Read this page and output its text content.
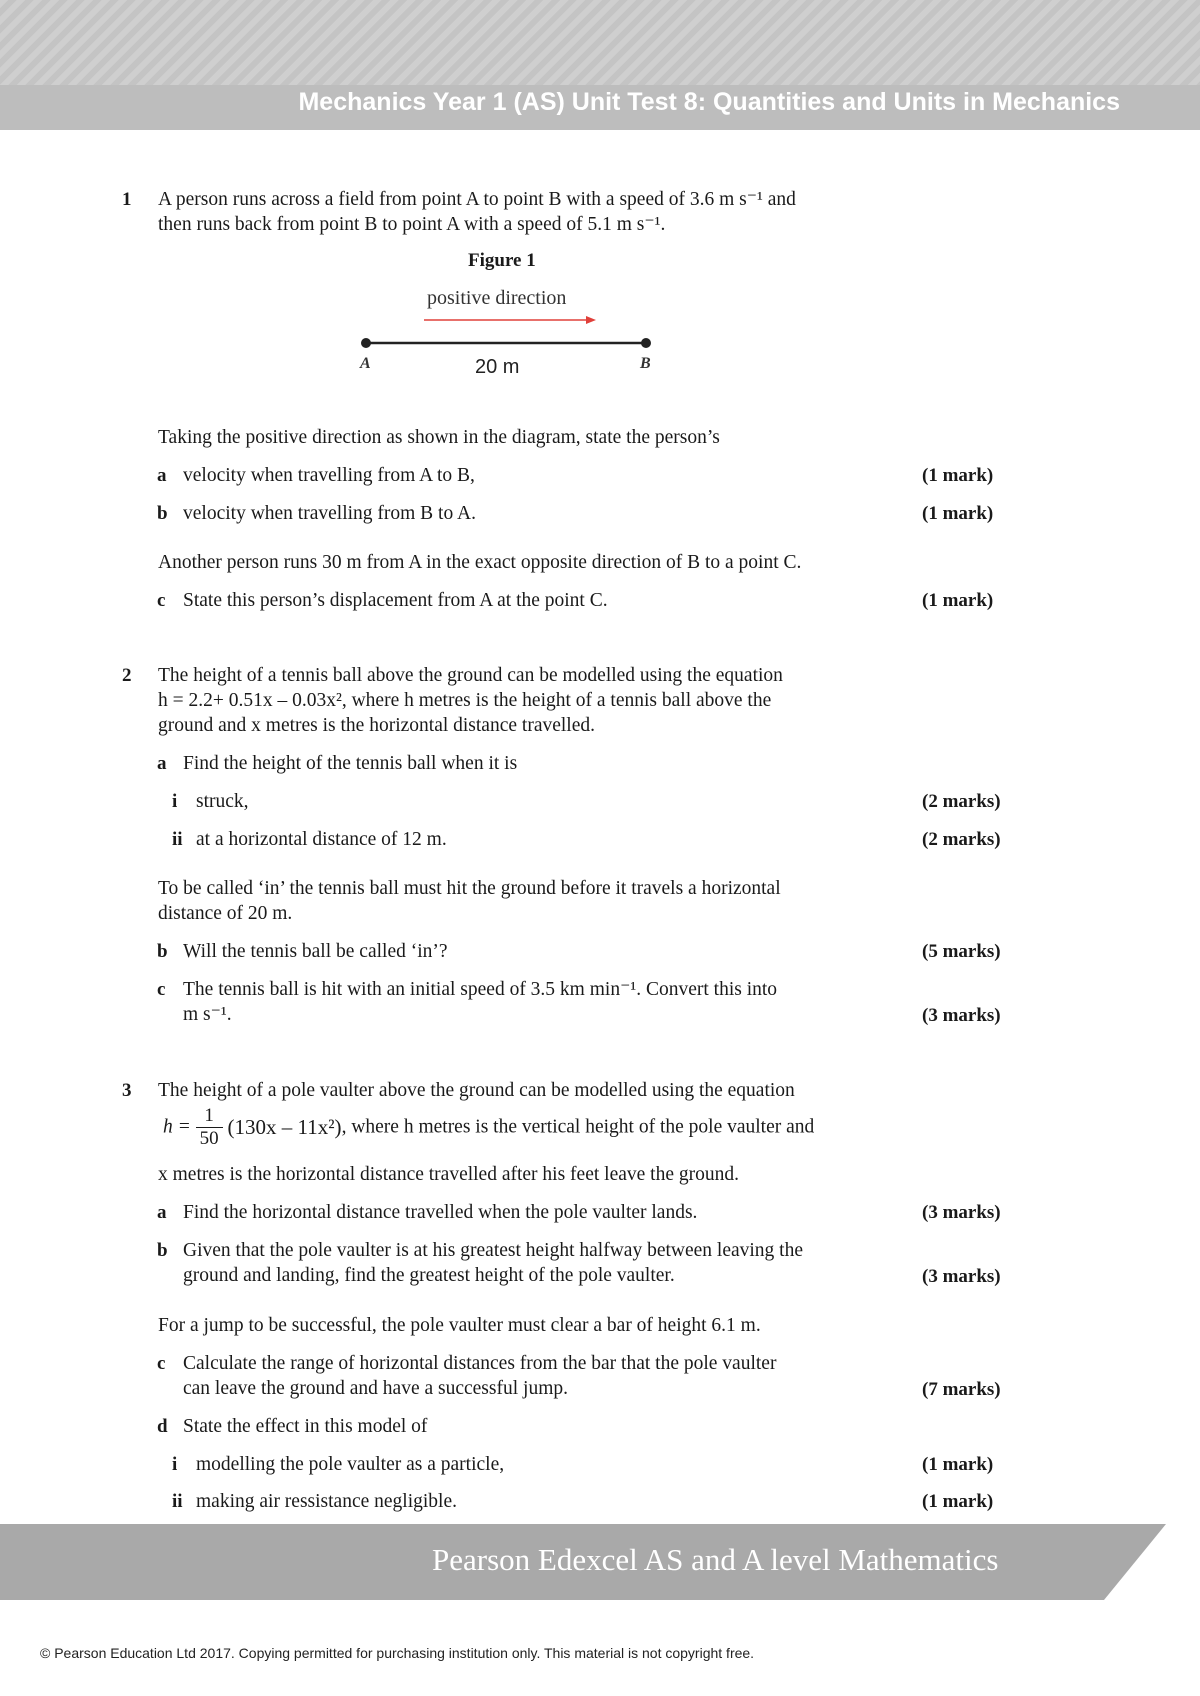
Mechanics Year 1 (AS) Unit Test 8: Quantities and Units in Mechanics
1 A person runs across a field from point A to point B with a speed of 3.6 m s⁻¹ and
then runs back from point B to point A with a speed of 5.1 m s⁻¹.
Figure 1
positive direction
A	B
20 m
Taking the positive direction as shown in the diagram, state the person’s
a velocity when travelling from A to B,	(1 mark)
b velocity when travelling from B to A.	(1 mark)
Another person runs 30 m from A in the exact opposite direction of B to a point C.
c State this person’s displacement from A at the point C.	(1 mark)
2 The height of a tennis ball above the ground can be modelled using the equation
h = 2.2+ 0.51x – 0.03x², where h metres is the height of a tennis ball above the
ground and x metres is the horizontal distance travelled.
a Find the height of the tennis ball when it is
i struck,	(2 marks)
ii at a horizontal distance of 12 m.	(2 marks)
To be called ‘in’ the tennis ball must hit the ground before it travels a horizontal
distance of 20 m.
b Will the tennis ball be called ‘in’?	(5 marks)
c The tennis ball is hit with an initial speed of 3.5 km min⁻¹. Convert this into
m s⁻¹.	(3 marks)
3 The height of a pole vaulter above the ground can be modelled using the equation
$h = \frac{1}{50} (130x - 11x^2)$, where h metres is the vertical height of the pole vaulter and
x metres is the horizontal distance travelled after his feet leave the ground.
a Find the horizontal distance travelled when the pole vaulter lands.	(3 marks)
b Given that the pole vaulter is at his greatest height halfway between leaving the
ground and landing, find the greatest height of the pole vaulter.	(3 marks)
For a jump to be successful, the pole vaulter must clear a bar of height 6.1 m.
c Calculate the range of horizontal distances from the bar that the pole vaulter
can leave the ground and have a successful jump.	(7 marks)
d State the effect in this model of
i modelling the pole vaulter as a particle,	(1 mark)
ii making air ressistance negligible.	(1 mark)
Pearson Edexcel AS and A level Mathematics
© Pearson Education Ltd 2017. Copying permitted for purchasing institution only. This material is not copyright free.
